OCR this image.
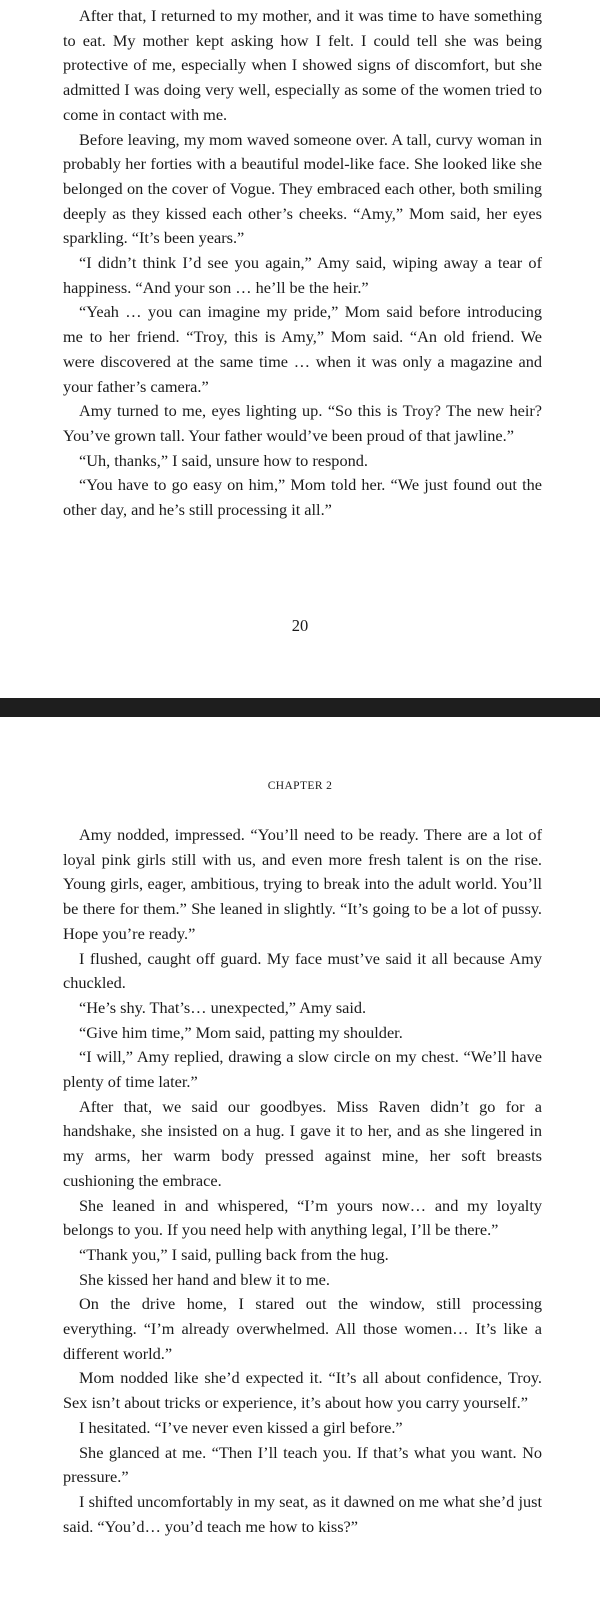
After that, I returned to my mother, and it was time to have something to eat. My mother kept asking how I felt. I could tell she was being protective of me, especially when I showed signs of discomfort, but she admitted I was doing very well, especially as some of the women tried to come in contact with me.

Before leaving, my mom waved someone over. A tall, curvy woman in probably her forties with a beautiful model-like face. She looked like she belonged on the cover of Vogue. They embraced each other, both smiling deeply as they kissed each other’s cheeks. “Amy,” Mom said, her eyes sparkling. “It’s been years.”

“I didn’t think I’d see you again,” Amy said, wiping away a tear of happiness. “And your son … he’ll be the heir.”

“Yeah … you can imagine my pride,” Mom said before introducing me to her friend. “Troy, this is Amy,” Mom said. “An old friend. We were discovered at the same time … when it was only a magazine and your father’s camera.”

Amy turned to me, eyes lighting up. “So this is Troy? The new heir? You’ve grown tall. Your father would’ve been proud of that jawline.”

“Uh, thanks,” I said, unsure how to respond.

“You have to go easy on him,” Mom told her. “We just found out the other day, and he’s still processing it all.”

20
CHAPTER 2

Amy nodded, impressed. “You’ll need to be ready. There are a lot of loyal pink girls still with us, and even more fresh talent is on the rise. Young girls, eager, ambitious, trying to break into the adult world. You’ll be there for them.” She leaned in slightly. “It’s going to be a lot of pussy. Hope you’re ready.”

I flushed, caught off guard. My face must’ve said it all because Amy chuckled.

“He’s shy. That’s… unexpected,” Amy said.

“Give him time,” Mom said, patting my shoulder.

“I will,” Amy replied, drawing a slow circle on my chest. “We’ll have plenty of time later.”

After that, we said our goodbyes. Miss Raven didn’t go for a handshake, she insisted on a hug. I gave it to her, and as she lingered in my arms, her warm body pressed against mine, her soft breasts cushioning the embrace.

She leaned in and whispered, “I’m yours now… and my loyalty belongs to you. If you need help with anything legal, I’ll be there.”

“Thank you,” I said, pulling back from the hug.

She kissed her hand and blew it to me.

On the drive home, I stared out the window, still processing everything. “I’m already overwhelmed. All those women… It’s like a different world.”

Mom nodded like she’d expected it. “It’s all about confidence, Troy. Sex isn’t about tricks or experience, it’s about how you carry yourself.”

I hesitated. “I’ve never even kissed a girl before.”

She glanced at me. “Then I’ll teach you. If that’s what you want. No pressure.”

I shifted uncomfortably in my seat, as it dawned on me what she’d just said. “You’d… you’d teach me how to kiss?”
